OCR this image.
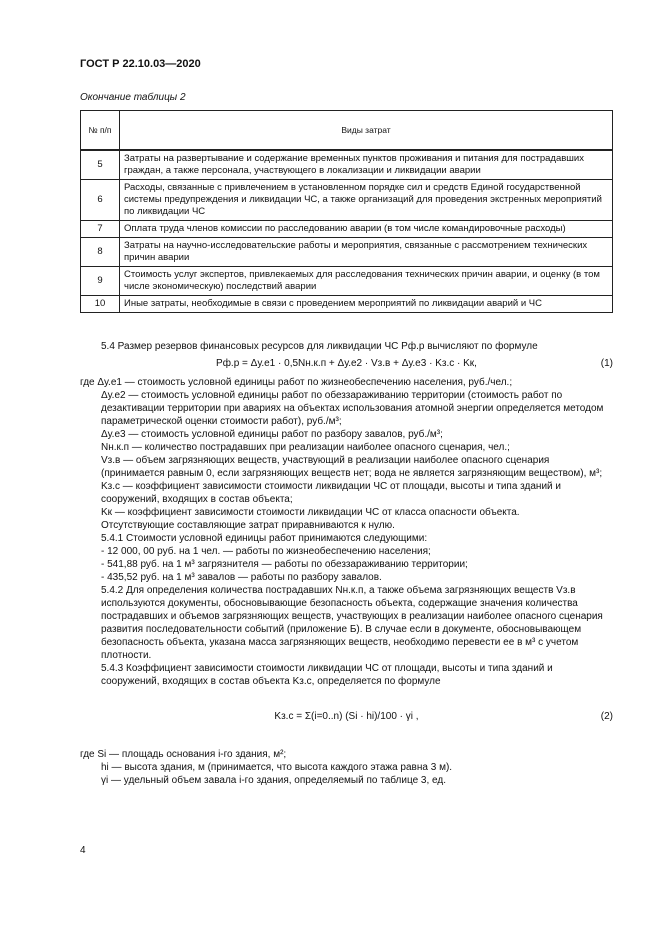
ГОСТ Р 22.10.03—2020
Окончание таблицы 2
№ п/п	Виды затрат
5	Затраты на развертывание и содержание временных пунктов проживания и питания для пострадавших граждан, а также персонала, участвующего в локализации и ликвидации аварии
6	Расходы, связанные с привлечением в установленном порядке сил и средств Единой государственной системы предупреждения и ликвидации ЧС, а также организаций для проведения экстренных мероприятий по ликвидации ЧС
7	Оплата труда членов комиссии по расследованию аварии (в том числе командировочные расходы)
8	Затраты на научно-исследовательские работы и мероприятия, связанные с рассмотрением технических причин аварии
9	Стоимость услуг экспертов, привлекаемых для расследования технических причин аварии, и оценку (в том числе экономическую) последствий аварии
10	Иные затраты, необходимые в связи с проведением мероприятий по ликвидации аварий и ЧС

5.4 Размер резервов финансовых ресурсов для ликвидации ЧС Pф.р вычисляют по формуле

Pф.р = Δу.e1 · 0,5Nн.к.п + Δу.e2 · Vз.в + Δу.e3 · Kз.с · Kк,	(1)

где Δу.e1 — стоимость условной единицы работ по жизнеобеспечению населения, руб./чел.;

Δу.e2 — стоимость условной единицы работ по обеззараживанию территории (стоимость работ по дезактивации территории при авариях на объектах использования атомной энергии определяется методом параметрической оценки стоимости работ), руб./м³;

Δу.e3 — стоимость условной единицы работ по разбору завалов, руб./м³;

Nн.к.п — количество пострадавших при реализации наиболее опасного сценария, чел.;

Vз.в — объем загрязняющих веществ, участвующий в реализации наиболее опасного сценария (принимается равным 0, если загрязняющих веществ нет; вода не является загрязняющим веществом), м³;

Kз.с — коэффициент зависимости стоимости ликвидации ЧС от площади, высоты и типа зданий и сооружений, входящих в состав объекта;

Kк — коэффициент зависимости стоимости ликвидации ЧС от класса опасности объекта.

Отсутствующие составляющие затрат приравниваются к нулю.

5.4.1 Стоимости условной единицы работ принимаются следующими:

- 12 000, 00 руб. на 1 чел. — работы по жизнеобеспечению населения;

- 541,88 руб. на 1 м³ загрязнителя — работы по обеззараживанию территории;

- 435,52 руб. на 1 м³ завалов — работы по разбору завалов.

5.4.2 Для определения количества пострадавших Nн.к.п, а также объема загрязняющих веществ Vз.в используются документы, обосновывающие безопасность объекта, содержащие значения количества пострадавших и объемов загрязняющих веществ, участвующих в реализации наиболее опасного сценария развития последовательности событий (приложение Б). В случае если в документе, обосновывающем безопасность объекта, указана масса загрязняющих веществ, необходимо перевести ее в м³ с учетом плотности.

5.4.3 Коэффициент зависимости стоимости ликвидации ЧС от площади, высоты и типа зданий и сооружений, входящих в состав объекта Kз.с, определяется по формуле

Kз.с = Σ(i=0..n) (Si · hi)/100 · γi ,	(2)

где Si — площадь основания i-го здания, м²;

hi — высота здания, м (принимается, что высота каждого этажа равна 3 м).

γi — удельный объем завала i-го здания, определяемый по таблице 3, ед.

4
